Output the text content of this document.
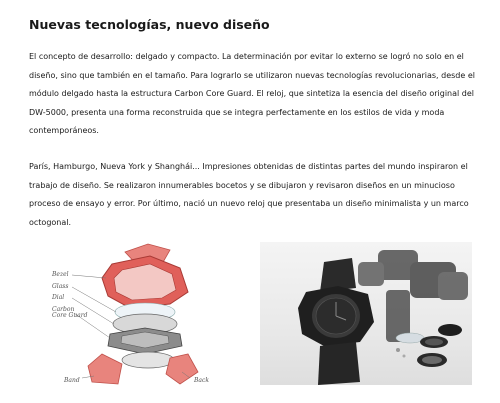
Nuevas tecnologías, nuevo diseño

El concepto de desarrollo: delgado y compacto. La determinación por evitar lo externo se logró no solo en el diseño, sino que también en el tamaño. Para lograrlo se utilizaron nuevas tecnologías revolucionarias, desde el módulo delgado hasta la estructura Carbon Core Guard. El reloj, que sintetiza la esencia del diseño original del DW-5000, presenta una forma reconstruida que se integra perfectamente en los estilos de vida y moda contemporáneos.

París, Hamburgo, Nueva York y Shanghái... Impresiones obtenidas de distintas partes del mundo inspiraron el trabajo de diseño. Se realizaron innumerables bocetos y se dibujaron y revisaron diseños en un minucioso proceso de ensayo y error. Por último, nació un nuevo reloj que presentaba un diseño minimalista y un marco octogonal.

Bezel
Glass
Dial
Carbon
Core Guard
Band	Back
